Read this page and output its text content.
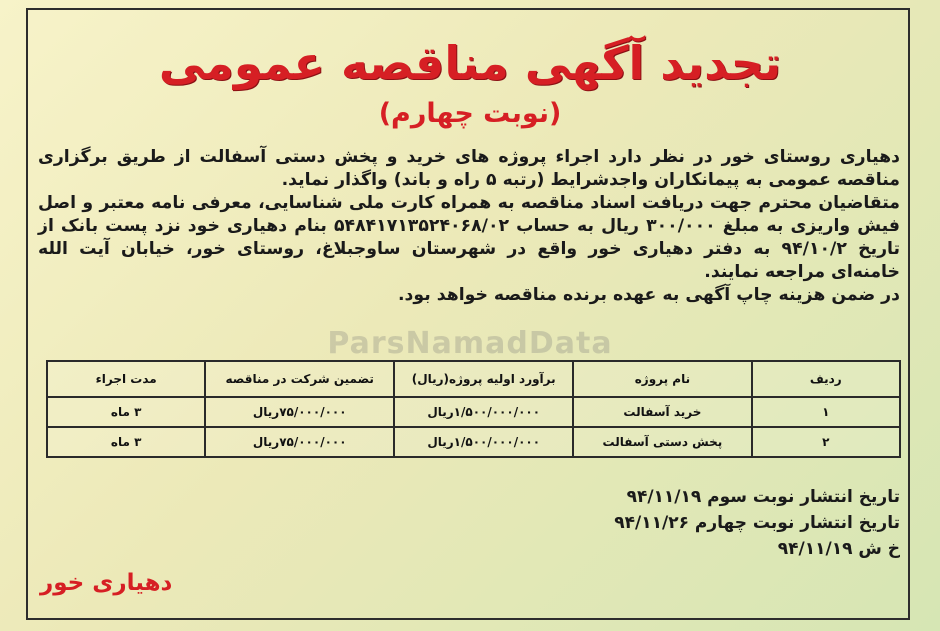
ParsNamadData
تجدید آگهی مناقصه عمومی
(نوبت چهارم)

دهیاری روستای خور در نظر دارد اجراء پروژه های خرید و پخش دستی آسفالت از طریق برگزاری مناقصه عمومی به پیمانکاران واجدشرایط (رتبه ۵ راه و باند) واگذار نماید.

متقاضیان محترم جهت دریافت اسناد مناقصه به همراه کارت ملی شناسایی، معرفی نامه معتبر و اصل فیش واریزی به مبلغ ۳۰۰/۰۰۰ ریال به حساب ۵۴۸۴۱۷۱۳۵۲۴۰۶۸/۰۲ بنام دهیاری خود نزد پست بانک از تاریخ ۹۴/۱۰/۲ به دفتر دهیاری خور واقع در شهرستان ساوجبلاغ، روستای خور، خیابان آیت الله خامنه‌ای مراجعه نمایند.

در ضمن هزینه چاپ آگهی به عهده برنده مناقصه خواهد بود.

ردیف	نام پروژه	برآورد اولیه پروژه(ریال)	تضمین شرکت در مناقصه	مدت اجراء
۱	خرید آسفالت	۱/۵۰۰/۰۰۰/۰۰۰ریال	۷۵/۰۰۰/۰۰۰ریال	۳ ماه
۲	پخش دستی آسفالت	۱/۵۰۰/۰۰۰/۰۰۰ریال	۷۵/۰۰۰/۰۰۰ریال	۳ ماه
تاریخ انتشار نوبت سوم ۹۴/۱۱/۱۹
تاریخ انتشار نوبت چهارم ۹۴/۱۱/۲۶
خ ش ۹۴/۱۱/۱۹
دهیاری خور
